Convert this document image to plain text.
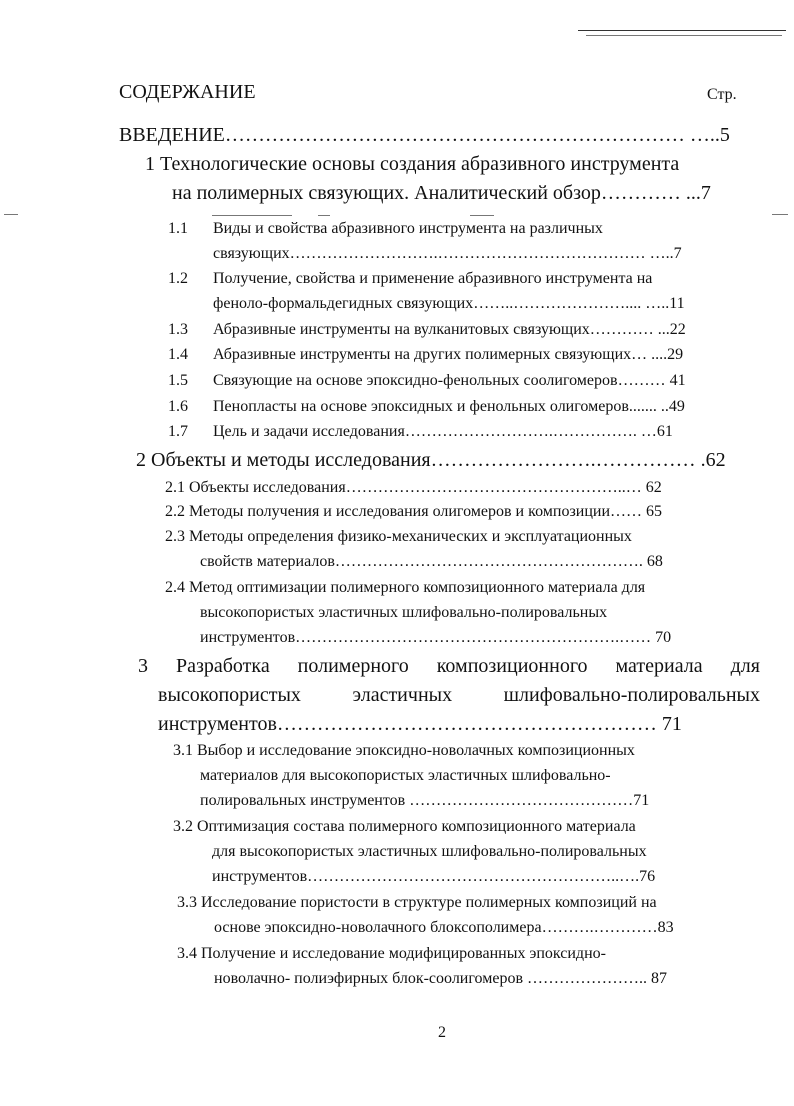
СОДЕРЖАНИЕ	Стр.
ВВЕДЕНИЕ…………………………………………………………… …..5
1 Технологические основы создания абразивного инструмента
на полимерных связующих. Аналитический обзор………… ...7
1.1 Виды и свойства абразивного инструмента на различных
связующих……………………….………………………………… …..7
1.2 Получение, свойства и применение абразивного инструмента на
феноло-формальдегидных связующих……..………………….... …..11
1.3 Абразивные инструменты на вулканитовых связующих………… ...22
1.4 Абразивные инструменты на других полимерных связующих… ....29
1.5 Связующие на основе эпоксидно-фенольных соолигомеров……… 41
1.6 Пенопласты на основе эпоксидных и фенольных олигомеров....... ..49
1.7 Цель и задачи исследования……………………….……………. …61
2 Объекты и методы исследования…………………….…………… .62
2.1 Объекты исследования……………………………………………..… 62
2.2 Методы получения и исследования олигомеров и композиции…… 65
2.3 Методы определения физико-механических и эксплуатационных
свойств материалов…………………………………………………. 68
2.4 Метод оптимизации полимерного композиционного материала для
высокопористых эластичных шлифовально-полировальных
инструментов…………………………………………………….…… 70
3 Разработка полимерного композиционного материала для
высокопористых	эластичных	шлифовально-полировальных
инструментов………………………………………………… 71
3.1 Выбор и исследование эпоксидно-новолачных композиционных
материалов для высокопористых эластичных шлифовально-
полировальных инструментов ……………………………………71
3.2 Оптимизация состава полимерного композиционного материала
для высокопористых эластичных шлифовально-полировальных
инструментов…………………………………………………..….76
3.3 Исследование пористости в структуре полимерных композиций на
основе эпоксидно-новолачного блоксополимера……….…………83
3.4 Получение и исследование модифицированных эпоксидно-
новолачно- полиэфирных блок-соолигомеров ………………….. 87
2
